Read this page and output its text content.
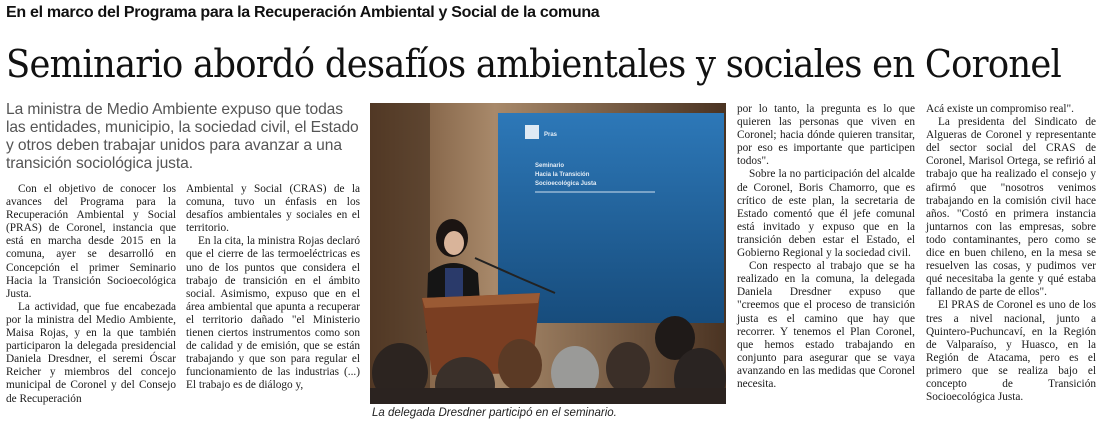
En el marco del Programa para la Recuperación Ambiental y Social de la comuna
Seminario abordó desafíos ambientales y sociales en Coronel
La ministra de Medio Ambiente expuso que todas las entidades, municipio, la sociedad civil, el Estado y otros deben trabajar unidos para avanzar a una transición sociológica justa.

Con el objetivo de conocer los avances del Programa para la Recuperación Ambiental y Social (PRAS) de Coronel, instancia que está en marcha desde 2015 en la comuna, ayer se desarrolló en Concepción el primer Seminario Hacia la Transición Socioecológica Justa.

La actividad, que fue encabezada por la ministra del Medio Ambiente, Maisa Rojas, y en la que también participaron la delegada presidencial Daniela Dresdner, el seremi Óscar Reicher y miembros del concejo municipal de Coronel y del Consejo de Recuperación

Ambiental y Social (CRAS) de la comuna, tuvo un énfasis en los desafíos ambientales y sociales en el territorio.

En la cita, la ministra Rojas declaró que el cierre de las termoeléctricas es uno de los puntos que considera el trabajo de transición en el ámbito social. Asimismo, expuso que en el área ambiental que apunta a recuperar el territorio dañado "el Ministerio tienen ciertos instrumentos como son de calidad y de emisión, que se están trabajando y que son para regular el funcionamiento de las industrias (...) El trabajo es de diálogo y,

Pras
Seminario
Hacia la Transición
Socioecológica Justa
La delegada Dresdner participó en el seminario.

por lo tanto, la pregunta es lo que quieren las personas que viven en Coronel; hacia dónde quieren transitar, por eso es importante que participen todos".

Sobre la no participación del alcalde de Coronel, Boris Chamorro, que es crítico de este plan, la secretaria de Estado comentó que él jefe comunal está invitado y expuso que en la transición deben estar el Estado, el Gobierno Regional y la sociedad civil.

Con respecto al trabajo que se ha realizado en la comuna, la delegada Daniela Dresdner expuso que "creemos que el proceso de transición justa es el camino que hay que recorrer. Y tenemos el Plan Coronel, que hemos estado trabajando en conjunto para asegurar que se vaya avanzando en las medidas que Coronel necesita.

Acá existe un compromiso real".

La presidenta del Sindicato de Algueras de Coronel y representante del sector social del CRAS de Coronel, Marisol Ortega, se refirió al trabajo que ha realizado el consejo y afirmó que "nosotros venimos trabajando en la comisión civil hace años. "Costó en primera instancia juntarnos con las empresas, sobre todo contaminantes, pero como se dice en buen chileno, en la mesa se resuelven las cosas, y pudimos ver qué necesitaba la gente y qué estaba fallando de parte de ellos".

El PRAS de Coronel es uno de los tres a nivel nacional, junto a Quintero-Puchuncaví, en la Región de Valparaíso, y Huasco, en la Región de Atacama, pero es el primero que se realiza bajo el concepto de Transición Socioecológica Justa.
